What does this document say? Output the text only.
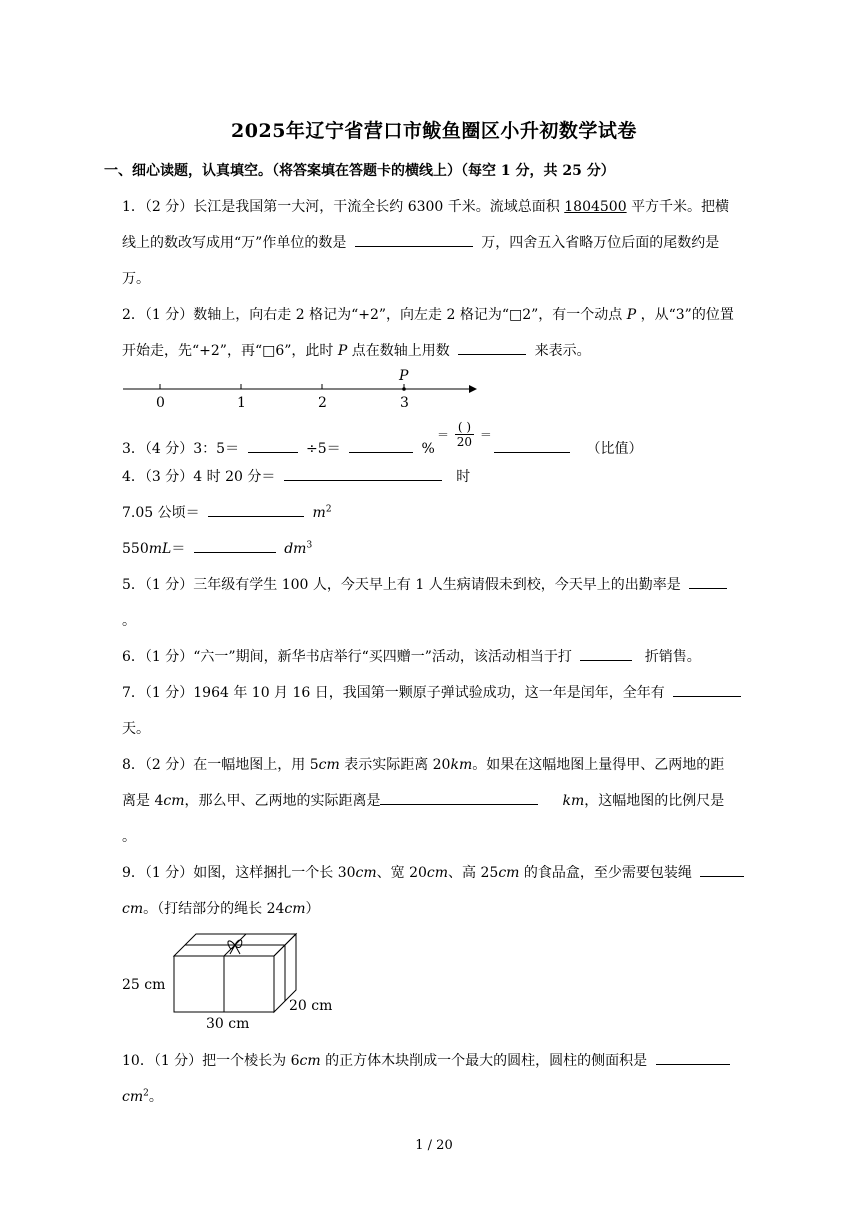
2025年辽宁省营口市鲅鱼圈区小升初数学试卷
一、细心读题，认真填空。（将答案填在答题卡的横线上）（每空 1 分，共 25 分）
1．（2 分）长江是我国第一大河，干流全长约 6300 千米。流域总面积 1804500 平方千米。把横
线上的数改写成用“万”作单位的数是	万，四舍五入省略万位后面的尾数约是
万。
2．（1 分）数轴上，向右走 2 格记为“+2”，向左走 2 格记为“□2”，有一个动点 P ，从“3”的位置
开始走，先“+2”，再“□6”，此时 P 点在数轴上用数	来表示。
P
0	1	2	3
3．（4 分）3：5＝	÷5＝	%
＝
( )
20 ＝
（比值）
4．（3 分）4 时 20 分＝	时
7.05 公顷＝	$m^2$
550mL＝	$dm^3$
5．（1 分）三年级有学生 100 人，今天早上有 1 人生病请假未到校，今天早上的出勤率是
。
6．（1 分）“六一”期间，新华书店举行“买四赠一”活动，该活动相当于打	折销售。
7．（1 分）1964 年 10 月 16 日，我国第一颗原子弹试验成功，这一年是闰年，全年有
天。
8．（2 分）在一幅地图上，用 5cm 表示实际距离 20km。如果在这幅地图上量得甲、乙两地的距
离是 4cm，那么甲、乙两地的实际距离是	km，这幅地图的比例尺是
。
9．（1 分）如图，这样捆扎一个长 30cm、宽 20cm、高 25cm 的食品盒，至少需要包装绳
cm。（打结部分的绳长 24cm）
25 cm
30 cm
20 cm
10．（1 分）把一个棱长为 6cm 的正方体木块削成一个最大的圆柱，圆柱的侧面积是
$cm^2$。
1 / 20
